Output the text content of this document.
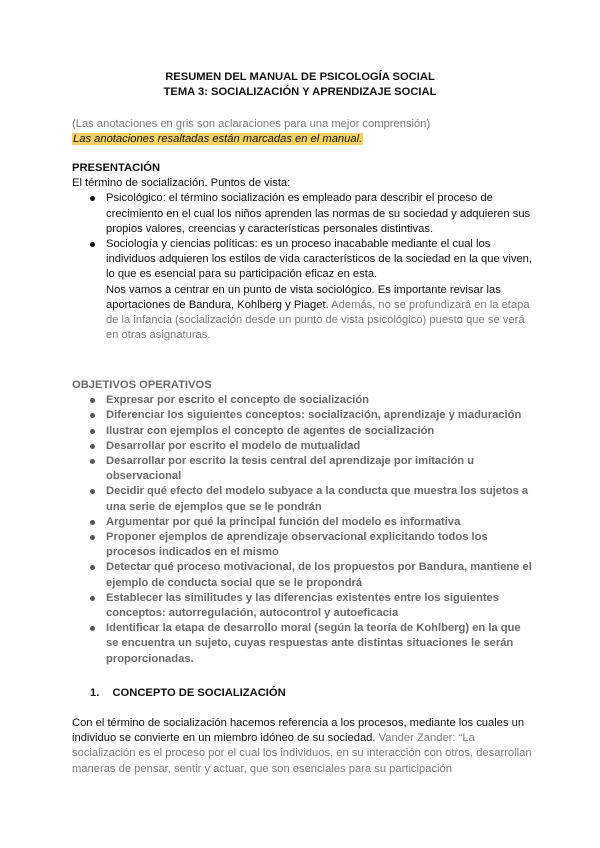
RESUMEN DEL MANUAL DE PSICOLOGÍA SOCIAL
TEMA 3: SOCIALIZACIÓN Y APRENDIZAJE SOCIAL
(Las anotaciones en gris son aclaraciones para una mejor comprensión)
Las anotaciones resaltadas están marcadas en el manual.
PRESENTACIÓN
El término de socialización. Puntos de vista:
Psicológico: el término socialización es empleado para describir el proceso de crecimiento en el cual los niños aprenden las normas de su sociedad y adquieren sus propios valores, creencias y características personales distintivas.
Sociología y ciencias políticas: es un proceso inacabable mediante el cual los individuos adquieren los estilos de vida característicos de la sociedad en la que viven, lo que es esencial para su participación eficaz en esta.
Nos vamos a centrar en un punto de vista sociológico. Es importante revisar las aportaciones de Bandura, Kohlberg y Piaget. Además, no se profundizará en la etapa de la infancia (socialización desde un punto de vista psicológico) puesto que se verá en otras asignaturas.
OBJETIVOS OPERATIVOS
Expresar por escrito el concepto de socialización
Diferenciar los siguientes conceptos: socialización, aprendizaje y maduración
Ilustrar con ejemplos el concepto de agentes de socialización
Desarrollar por escrito el modelo de mutualidad
Desarrollar por escrito la tesis central del aprendizaje por imitación u observacional
Decidir qué efecto del modelo subyace a la conducta que muestra los sujetos a una serie de ejemplos que se le pondrán
Argumentar por qué la principal función del modelo es informativa
Proponer ejemplos de aprendizaje observacional explicitando todos los procesos indicados en el mismo
Detectar qué proceso motivacional, de los propuestos por Bandura, mantiene el ejemplo de conducta social que se le propondrá
Establecer las similitudes y las diferencias existentes entre los siguientes conceptos: autorregulación, autocontrol y autoeficacia
Identificar la etapa de desarrollo moral (según la teoría de Kohlberg) en la que se encuentra un sujeto, cuyas respuestas ante distintas situaciones le serán proporcionadas.
1. CONCEPTO DE SOCIALIZACIÓN
Con el término de socialización hacemos referencia a los procesos, mediante los cuales un individuo se convierte en un miembro idóneo de su sociedad. Vander Zander: “La socialización es el proceso por el cual los individuos, en su interacción con otros, desarrollan maneras de pensar, sentir y actuar, que son esenciales para su participación
